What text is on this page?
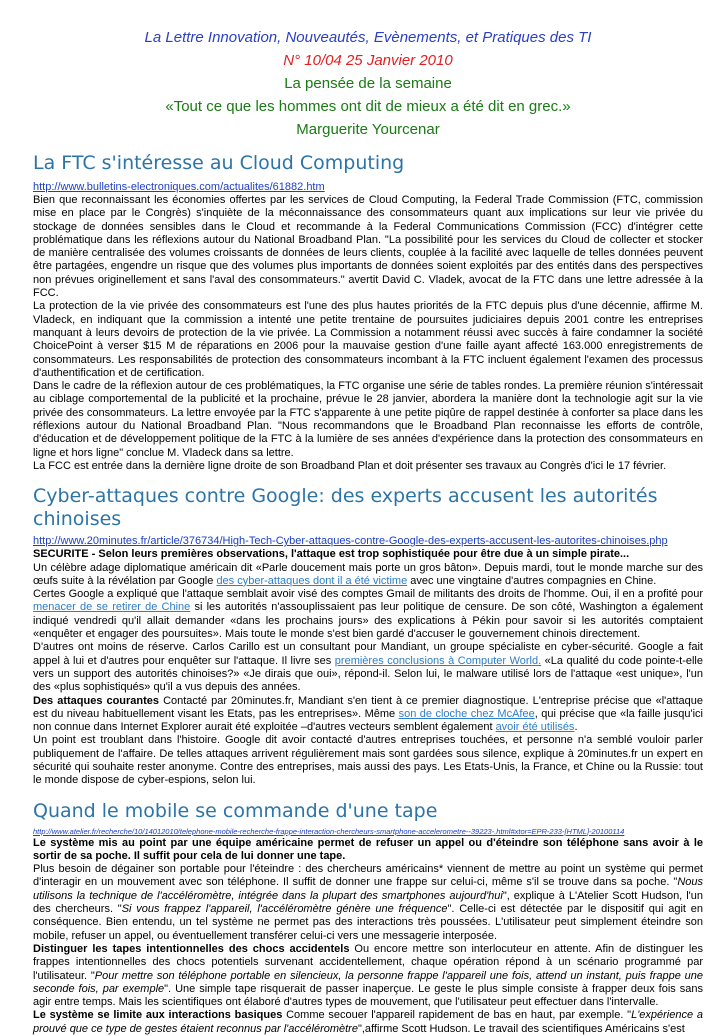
La Lettre Innovation, Nouveautés, Evènements, et Pratiques des TI
N° 10/04 25 Janvier 2010
La pensée de la semaine
«Tout ce que les hommes ont dit de mieux a été dit en grec.»
Marguerite Yourcenar
La FTC s'intéresse au Cloud Computing
http://www.bulletins-electroniques.com/actualites/61882.htm

Bien que reconnaissant les économies offertes par les services de Cloud Computing, la Federal Trade Commission (FTC, commission mise en place par le Congrès) s'inquiète de la méconnaissance des consommateurs quant aux implications sur leur vie privée du stockage de données sensibles dans le Cloud et recommande à la Federal Communications Commission (FCC) d'intégrer cette problématique dans les réflexions autour du National Broadband Plan. "La possibilité pour les services du Cloud de collecter et stocker de manière centralisée des volumes croissants de données de leurs clients, couplée à la facilité avec laquelle de telles données peuvent être partagées, engendre un risque que des volumes plus importants de données soient exploités par des entités dans des perspectives non prévues originellement et sans l'aval des consommateurs." avertit David C. Vladek, avocat de la FTC dans une lettre adressée à la FCC.

La protection de la vie privée des consommateurs est l'une des plus hautes priorités de la FTC depuis plus d'une décennie, affirme M. Vladeck, en indiquant que la commission a intenté une petite trentaine de poursuites judiciaires depuis 2001 contre les entreprises manquant à leurs devoirs de protection de la vie privée. La Commission a notamment réussi avec succès à faire condamner la société ChoicePoint à verser $15 M de réparations en 2006 pour la mauvaise gestion d'une faille ayant affecté 163.000 enregistrements de consommateurs. Les responsabilités de protection des consommateurs incombant à la FTC incluent également l'examen des processus d'authentification et de certification.

Dans le cadre de la réflexion autour de ces problématiques, la FTC organise une série de tables rondes. La première réunion s'intéressait au ciblage comportemental de la publicité et la prochaine, prévue le 28 janvier, abordera la manière dont la technologie agit sur la vie privée des consommateurs. La lettre envoyée par la FTC s'apparente à une petite piqûre de rappel destinée à conforter sa place dans les réflexions autour du National Broadband Plan. "Nous recommandons que le Broadband Plan reconnaisse les efforts de contrôle, d'éducation et de développement politique de la FTC à la lumière de ses années d'expérience dans la protection des consommateurs en ligne et hors ligne" conclue M. Vladeck dans sa lettre.

La FCC est entrée dans la dernière ligne droite de son Broadband Plan et doit présenter ses travaux au Congrès d'ici le 17 février.

Cyber-attaques contre Google: des experts accusent les autorités chinoises
http://www.20minutes.fr/article/376734/High-Tech-Cyber-attaques-contre-Google-des-experts-accusent-les-autorites-chinoises.php
SECURITE - Selon leurs premières observations, l'attaque est trop sophistiquée pour être due à un simple pirate...

Un célèbre adage diplomatique américain dit «Parle doucement mais porte un gros bâton». Depuis mardi, tout le monde marche sur des œufs suite à la révélation par Google des cyber-attaques dont il a été victime avec une vingtaine d'autres compagnies en Chine.

Certes Google a expliqué que l'attaque semblait avoir visé des comptes Gmail de militants des droits de l'homme. Oui, il en a profité pour menacer de se retirer de Chine si les autorités n'assouplissaient pas leur politique de censure. De son côté, Washington a également indiqué vendredi qu'il allait demander «dans les prochains jours» des explications à Pékin pour savoir si les autorités comptaient «enquêter et engager des poursuites». Mais toute le monde s'est bien gardé d'accuser le gouvernement chinois directement.

D'autres ont moins de réserve. Carlos Carillo est un consultant pour Mandiant, un groupe spécialiste en cyber-sécurité. Google a fait appel à lui et d'autres pour enquêter sur l'attaque. Il livre ses premières conclusions à Computer World. «La qualité du code pointe-t-elle vers un support des autorités chinoises?» «Je dirais que oui», répond-il. Selon lui, le malware utilisé lors de l'attaque «est unique», l'un des «plus sophistiqués» qu'il a vus depuis des années.

Des attaques courantes Contacté par 20minutes.fr, Mandiant s'en tient à ce premier diagnostique. L'entreprise précise que «l'attaque est du niveau habituellement visant les Etats, pas les entreprises». Même son de cloche chez McAfee, qui précise que «la faille jusqu'ici non connue dans Internet Explorer aurait été exploitée –d'autres vecteurs semblent également avoir été utilisés.

Un point est troublant dans l'histoire. Google dit avoir contacté d'autres entreprises touchées, et personne n'a semblé vouloir parler publiquement de l'affaire. De telles attaques arrivent régulièrement mais sont gardées sous silence, explique à 20minutes.fr un expert en sécurité qui souhaite rester anonyme. Contre des entreprises, mais aussi des pays. Les Etats-Unis, la France, et Chine ou la Russie: tout le monde dispose de cyber-espions, selon lui.

Quand le mobile se commande d'une tape
http://www.atelier.fr/recherche/10/14012010/telephone-mobile-recherche-frappe-interaction-chercheurs-smartphone-accelerometre--39223-.html#xtor=EPR-233-[HTML]-20100114
Le système mis au point par une équipe américaine permet de refuser un appel ou d'éteindre son téléphone sans avoir à le sortir de sa poche. Il suffit pour cela de lui donner une tape.

Plus besoin de dégainer son portable pour l'éteindre : des chercheurs américains* viennent de mettre au point un système qui permet d'interagir en un mouvement avec son téléphone. Il suffit de donner une frappe sur celui-ci, même s'il se trouve dans sa poche. "Nous utilisons la technique de l'accéléromètre, intégrée dans la plupart des smartphones aujourd'hui", explique à L'Atelier Scott Hudson, l'un des chercheurs. "Si vous frappez l'appareil, l'accéléromètre génère une fréquence". Celle-ci est détectée par le dispositif qui agit en conséquence. Bien entendu, un tel système ne permet pas des interactions très poussées. L'utilisateur peut simplement éteindre son mobile, refuser un appel, ou éventuellement transférer celui-ci vers une messagerie interposée.

Distinguer les tapes intentionnelles des chocs accidentels Ou encore mettre son interlocuteur en attente. Afin de distinguer les frappes intentionnelles des chocs potentiels survenant accidentellement, chaque opération répond à un scénario programmé par l'utilisateur. "Pour mettre son téléphone portable en silencieux, la personne frappe l'appareil une fois, attend un instant, puis frappe une seconde fois, par exemple". Une simple tape risquerait de passer inaperçue. Le geste le plus simple consiste à frapper deux fois sans agir entre temps. Mais les scientifiques ont élaboré d'autres types de mouvement, que l'utilisateur peut effectuer dans l'intervalle.

Le système se limite aux interactions basiques Comme secouer l'appareil rapidement de bas en haut, par exemple. "L'expérience a prouvé que ce type de gestes étaient reconnus par l'accéléromètre",affirme Scott Hudson. Le travail des scientifiques Américains s'est
